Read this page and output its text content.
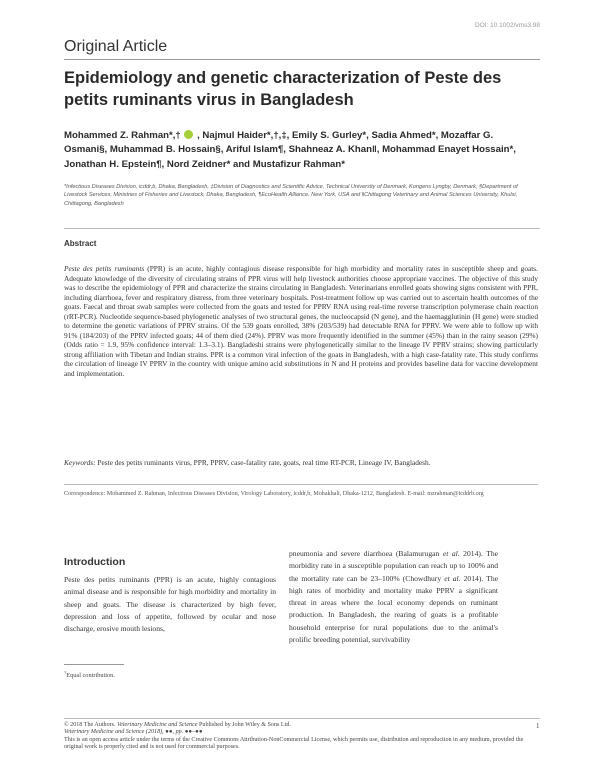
DOI: 10.1002/vms3.98
Original Article
Epidemiology and genetic characterization of Peste des petits ruminants virus in Bangladesh
Mohammed Z. Rahman*,† , Najmul Haider*,†,‡, Emily S. Gurley*, Sadia Ahmed*, Mozaffar G. Osmani§, Muhammad B. Hossain§, Ariful Islam¶, Shahneaz A. Khan‖, Mohammad Enayet Hossain*, Jonathan H. Epstein¶, Nord Zeidner* and Mustafizur Rahman*
*Infectious Diseases Division, icddr,b, Dhaka, Bangladesh, ‡Division of Diagnostics and Scientific Advice, Technical University of Denmark, Kongens Lyngby, Denmark, §Department of Livestock Services, Ministries of Fisheries and Livestock, Dhaka, Bangladesh, ¶EcoHealth Alliance, New York, USA and ‖Chittagong Veterinary and Animal Sciences University, Khulsi, Chittagong, Bangladesh
Abstract

Peste des petits ruminants (PPR) is an acute, highly contagious disease responsible for high morbidity and mortality rates in susceptible sheep and goats. Adequate knowledge of the diversity of circulating strains of PPR virus will help livestock authorities choose appropriate vaccines. The objective of this study was to describe the epidemiology of PPR and characterize the strains circulating in Bangladesh. Veterinarians enrolled goats showing signs consistent with PPR, including diarrhoea, fever and respiratory distress, from three veterinary hospitals. Post-treatment follow up was carried out to ascertain health outcomes of the goats. Faecal and throat swab samples were collected from the goats and tested for PPRV RNA using real-time reverse transcription polymerase chain reaction (rRT-PCR). Nucleotide sequence-based phylogenetic analyses of two structural genes, the nucleocapsid (N gene), and the haemagglutinin (H gene) were studied to determine the genetic variations of PPRV strains. Of the 539 goats enrolled, 38% (203/539) had detectable RNA for PPRV. We were able to follow up with 91% (184/203) of the PPRV infected goats; 44 of them died (24%). PPRV was more frequently identified in the summer (45%) than in the rainy season (29%) (Odds ratio = 1.9, 95% confidence interval: 1.3–3.1). Bangladeshi strains were phylogenetically similar to the lineage IV PPRV strains; showing particularly strong affiliation with Tibetan and Indian strains. PPR is a common viral infection of the goats in Bangladesh, with a high case-fatality rate. This study confirms the circulation of lineage IV PPRV in the country with unique amino acid substitutions in N and H proteins and provides baseline data for vaccine development and implementation.

Keywords: Peste des petits ruminants virus, PPR, PPRV, case-fatality rate, goats, real time RT-PCR, Lineage IV, Bangladesh.

Correspondence: Mohammed Z. Rahman, Infectious Diseases Division, Virology Laboratory, icddr,b, Mohakhali, Dhaka-1212, Bangladesh. E-mail: mzrahman@icddrb.org

Introduction

Peste des petits ruminants (PPR) is an acute, highly contagious animal disease and is responsible for high morbidity and mortality in sheep and goats. The disease is characterized by high fever, depression and loss of appetite, followed by ocular and nose discharge, erosive mouth lesions,

pneumonia and severe diarrhoea (Balamurugan et al. 2014). The morbidity rate in a susceptible population can reach up to 100% and the mortality rate can be 23–100% (Chowdhury et al. 2014). The high rates of morbidity and mortality make PPRV a significant threat in areas where the local economy depends on ruminant production. In Bangladesh, the rearing of goats is a profitable household enterprise for rural populations due to the animal's prolific breeding potential, survivability

†Equal contribution.

© 2018 The Authors. Veterinary Medicine and Science Published by John Wiley & Sons Ltd.
Veterinary Medicine and Science (2018), ●●, pp. ●●–●●
This is an open access article under the terms of the Creative Commons Attribution-NonCommercial License, which permits use, distribution and reproduction in any medium, provided the original work is properly cited and is not used for commercial purposes.
1
